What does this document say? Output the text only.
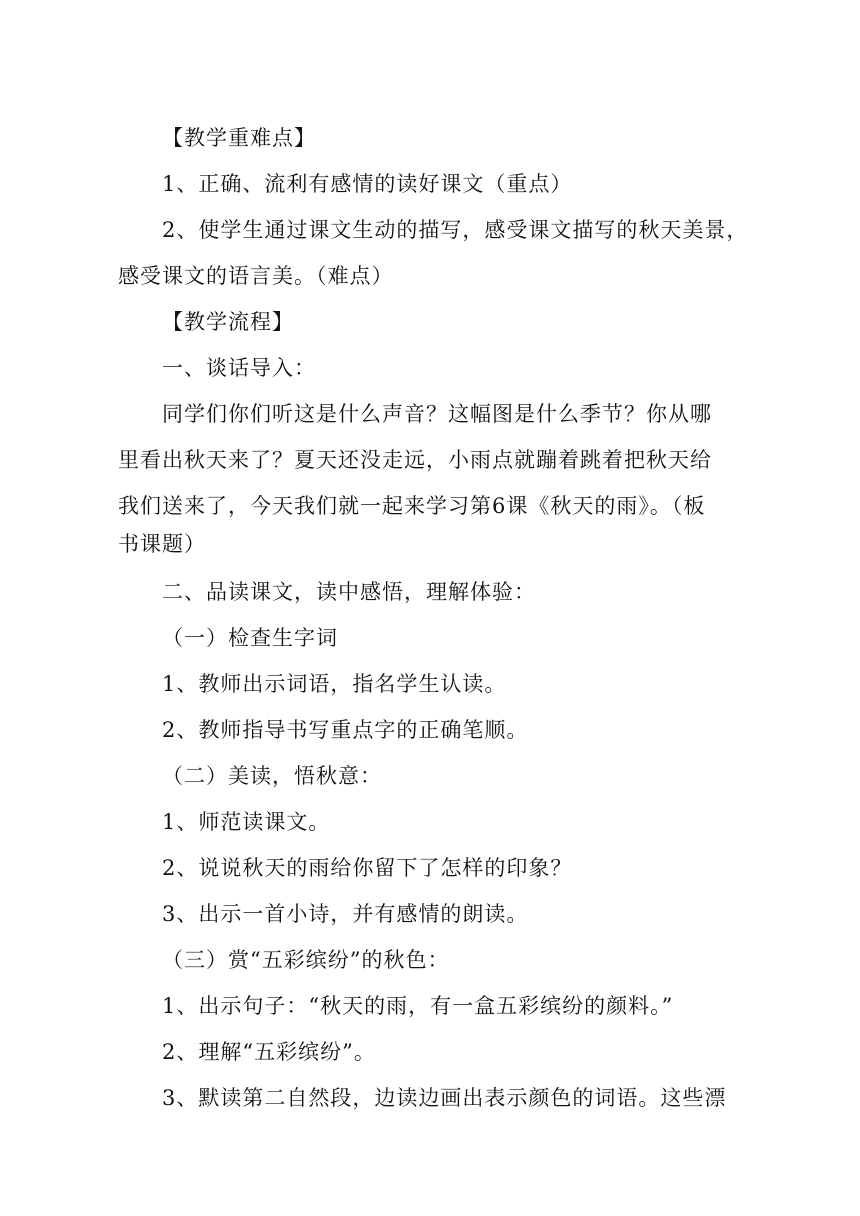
【教学重难点】
1、正确、流利有感情的读好课文（重点）
2、使学生通过课文生动的描写，感受课文描写的秋天美景，
感受课文的语言美。（难点）
【教学流程】
一、谈话导入：
同学们你们听这是什么声音？这幅图是什么季节？你从哪
里看出秋天来了？夏天还没走远，小雨点就蹦着跳着把秋天给
我们送来了，今天我们就一起来学习第6课《秋天的雨》。（板
书课题）
二、品读课文，读中感悟，理解体验：
（一）检查生字词
1、教师出示词语，指名学生认读。
2、教师指导书写重点字的正确笔顺。
（二）美读，悟秋意：
1、师范读课文。
2、说说秋天的雨给你留下了怎样的印象？
3、出示一首小诗，并有感情的朗读。
（三）赏“五彩缤纷”的秋色：
1、出示句子：“秋天的雨，有一盒五彩缤纷的颜料。”
2、理解“五彩缤纷”。
3、默读第二自然段，边读边画出表示颜色的词语。这些漂
